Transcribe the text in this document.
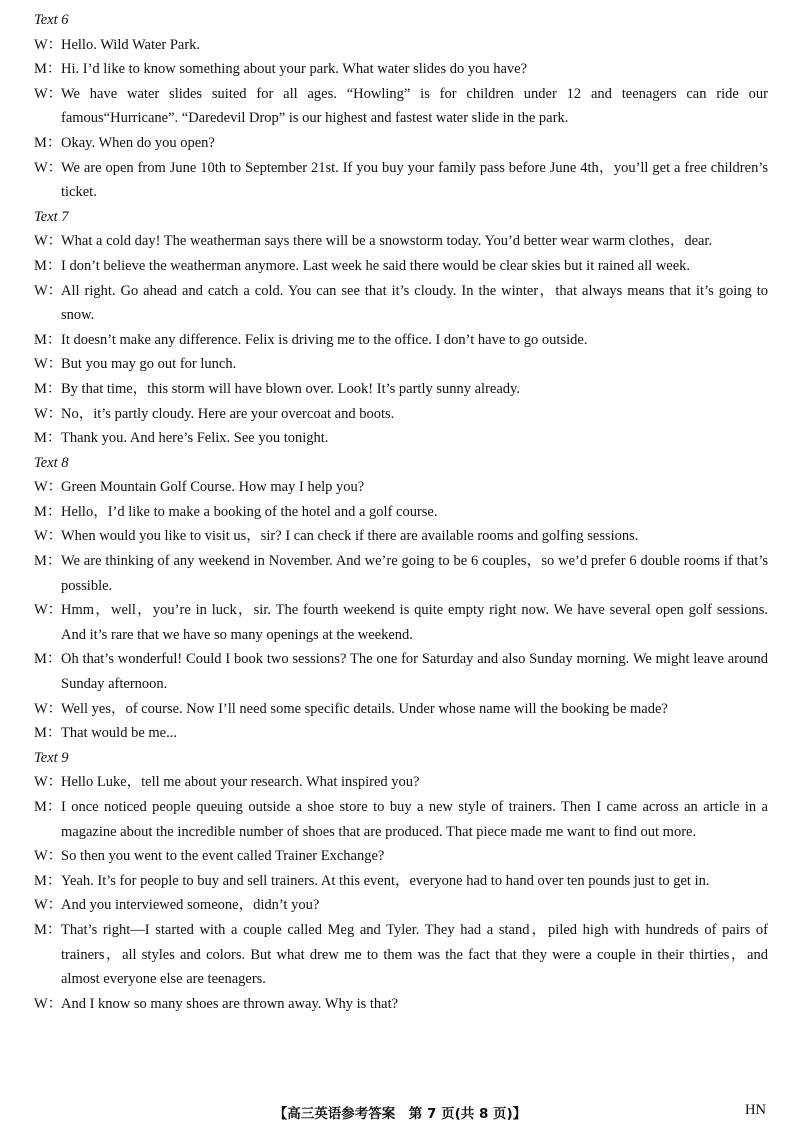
Text 6
W：
Hello. Wild Water Park.
M： Hi. I’d like to know something about your park. What water slides do you have?
W：
We have water slides suited for all ages. “Howling” is for children under 12 and teenagers can ride our famous“Hurricane”. “Daredevil Drop” is our highest and fastest water slide in the park.
M： Okay. When do you open?
W：
We are open from June 10th to September 21st. If you buy your family pass before June 4th，you’ll get a free children’s ticket.
Text 7
W：
What a cold day! The weatherman says there will be a snowstorm today. You’d better wear warm clothes，dear.
M： I don’t believe the weatherman anymore. Last week he said there would be clear skies but it rained all week.
W：
All right. Go ahead and catch a cold. You can see that it’s cloudy. In the winter，that always means that it’s going to snow.
M： It doesn’t make any difference. Felix is driving me to the office. I don’t have to go outside.
W：
But you may go out for lunch.
M： By that time，this storm will have blown over. Look! It’s partly sunny already.
W：
No，it’s partly cloudy. Here are your overcoat and boots.
M： Thank you. And here’s Felix. See you tonight.
Text 8
W：
Green Mountain Golf Course. How may I help you?
M： Hello，I’d like to make a booking of the hotel and a golf course.
W：
When would you like to visit us，sir? I can check if there are available rooms and golfing sessions.
M： We are thinking of any weekend in November. And we’re going to be 6 couples，so we’d prefer 6 double rooms if that’s possible.
W：
Hmm，well，you’re in luck，sir. The fourth weekend is quite empty right now. We have several open golf sessions. And it’s rare that we have so many openings at the weekend.
M： Oh that’s wonderful! Could I book two sessions? The one for Saturday and also Sunday morning. We might leave around Sunday afternoon.
W：
Well yes，of course. Now I’ll need some specific details. Under whose name will the booking be made?
M： That would be me...
Text 9
W：
Hello Luke，tell me about your research. What inspired you?
M： I once noticed people queuing outside a shoe store to buy a new style of trainers. Then I came across an article in a magazine about the incredible number of shoes that are produced. That piece made me want to find out more.
W：
So then you went to the event called Trainer Exchange?
M： Yeah. It’s for people to buy and sell trainers. At this event，everyone had to hand over ten pounds just to get in.
W：
And you interviewed someone，didn’t you?
M： That’s right—I started with a couple called Meg and Tyler. They had a stand，piled high with hundreds of pairs of trainers，all styles and colors. But what drew me to them was the fact that they were a couple in their thirties，and almost everyone else are teenagers.
W：
And I know so many shoes are thrown away. Why is that?
【高三英语参考答案　第 7 页(共 8 页)】	HN
